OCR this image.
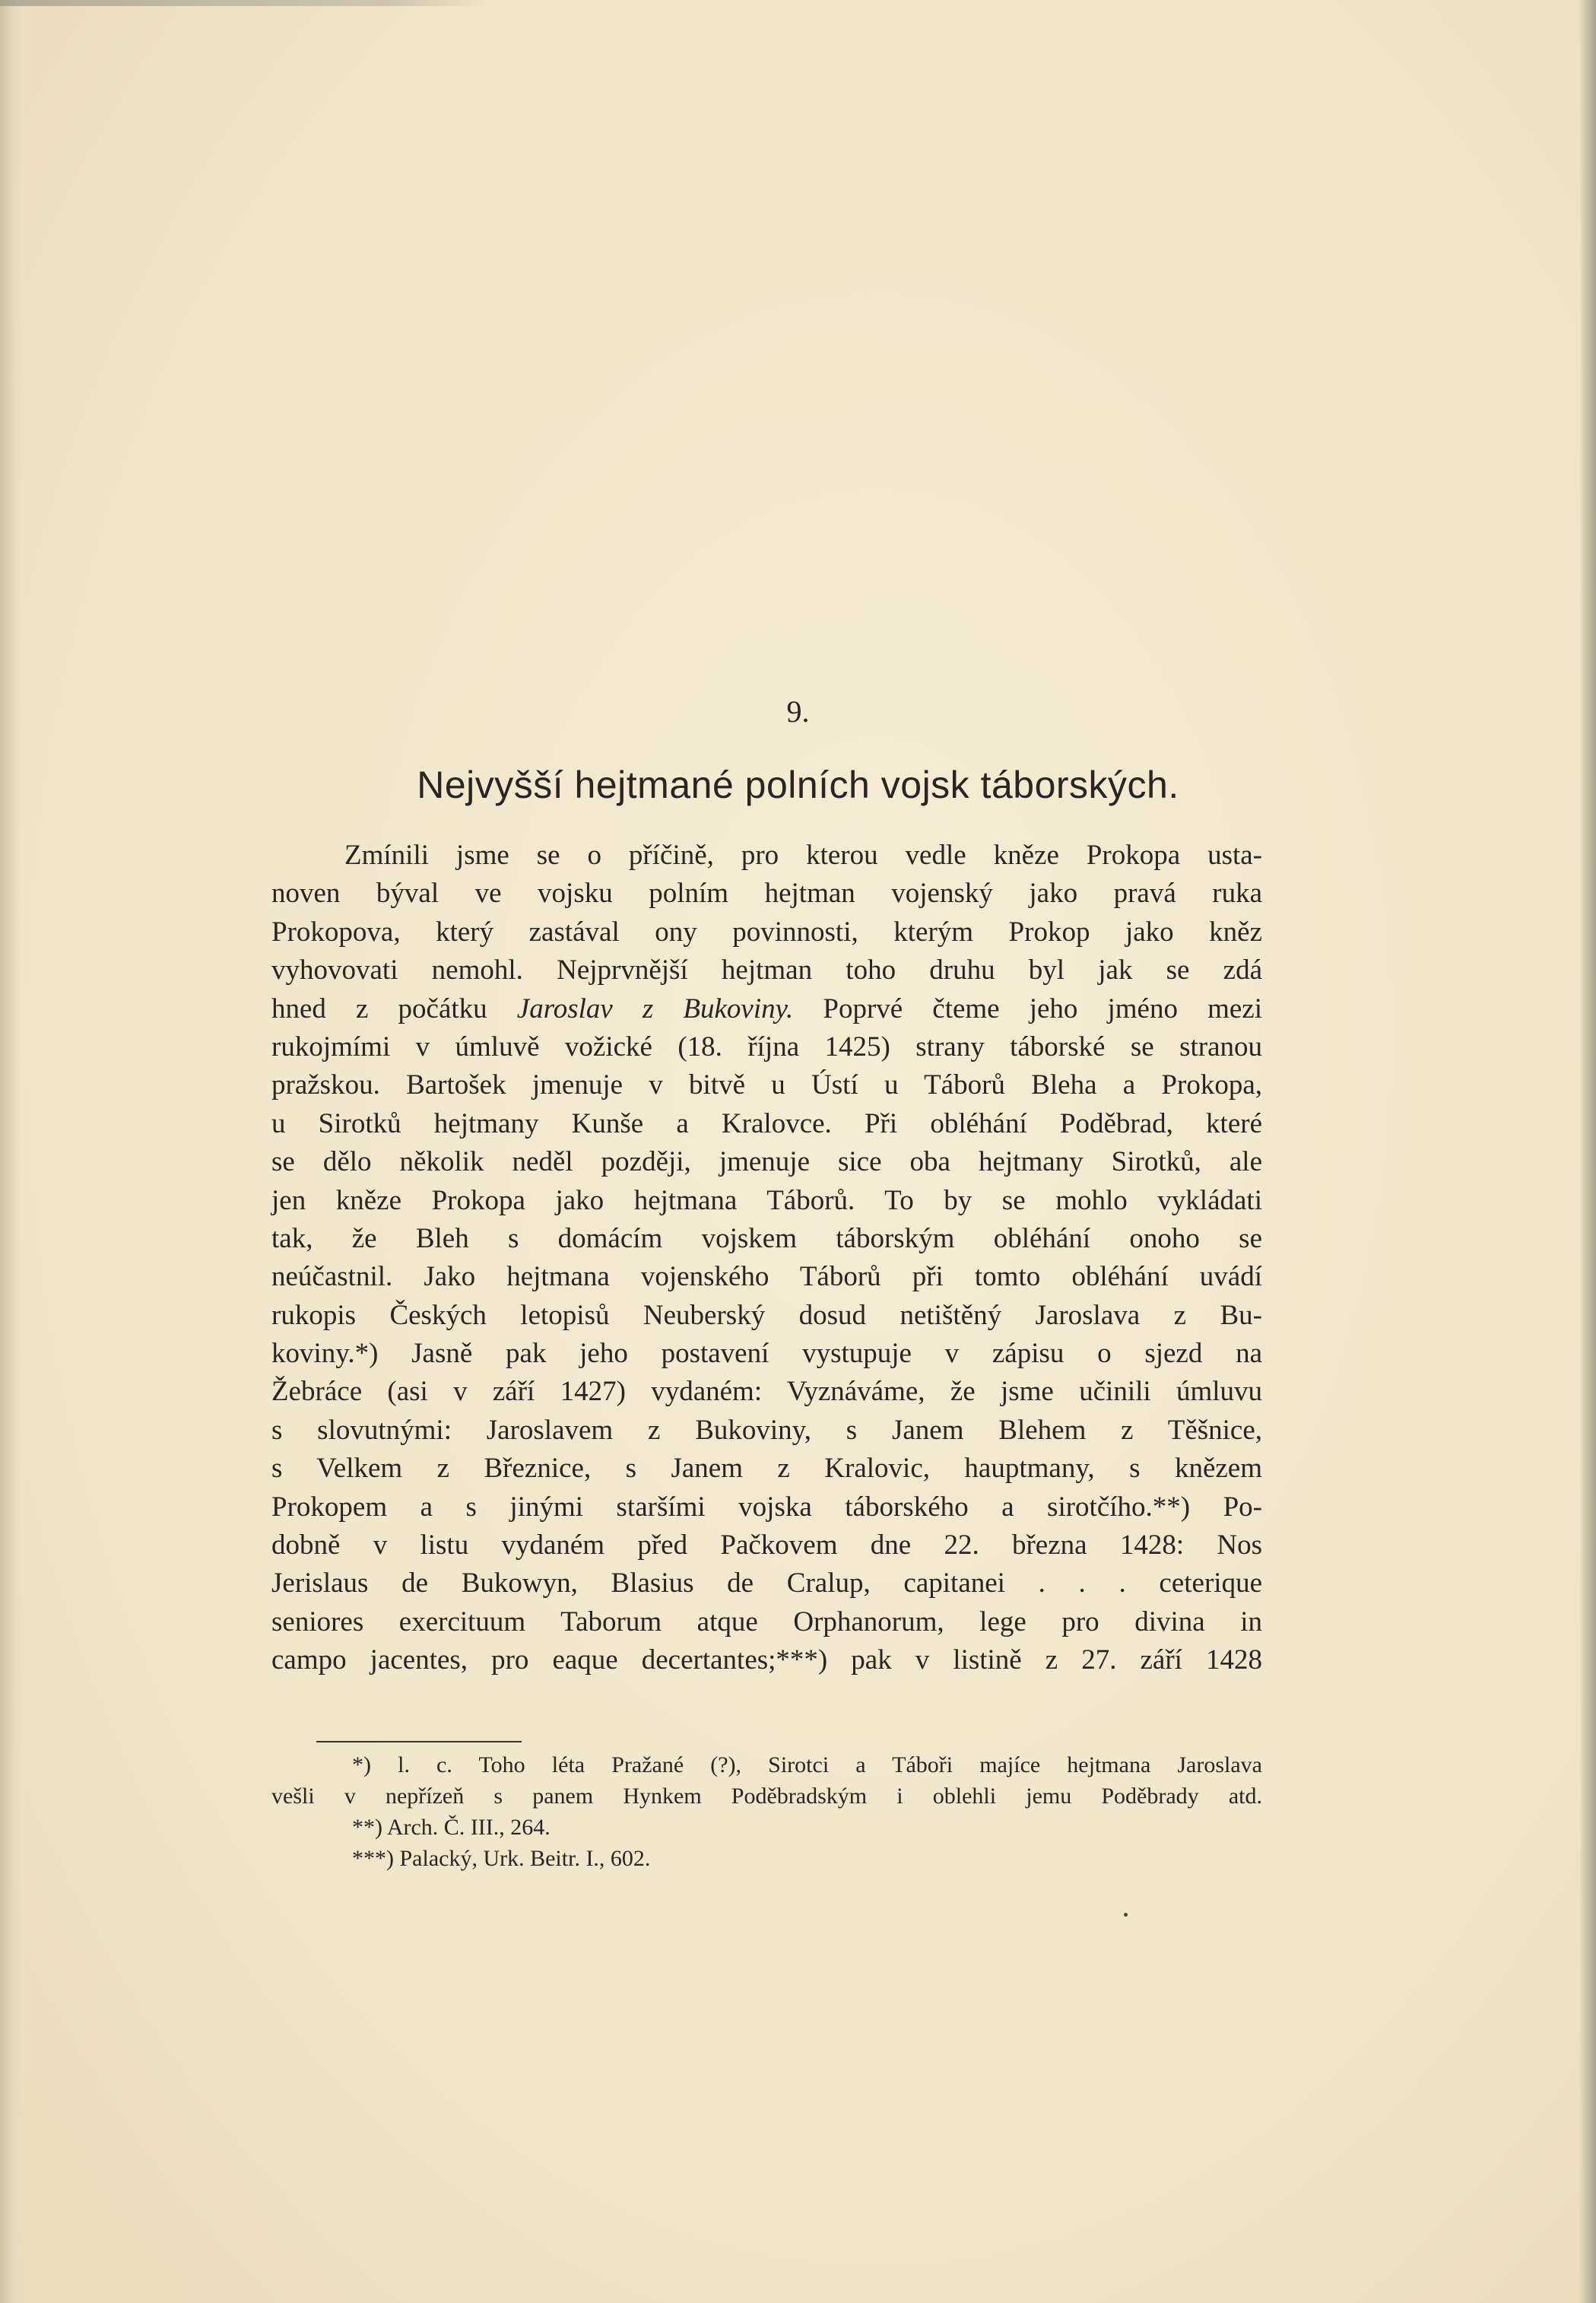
9.
Nejvyšší hejtmané polních vojsk táborských.
Zmínili jsme se o příčině, pro kterou vedle kněze Prokopa usta-
noven býval ve vojsku polním hejtman vojenský jako pravá ruka
Prokopova, který zastával ony povinnosti, kterým Prokop jako kněz
vyhovovati nemohl. Nejprvnější hejtman toho druhu byl jak se zdá
hned z počátku Jaroslav z Bukoviny. Poprvé čteme jeho jméno mezi
rukojmími v úmluvě vožické (18. října 1425) strany táborské se stranou
pražskou. Bartošek jmenuje v bitvě u Ústí u Táborů Bleha a Prokopa,
u Sirotků hejtmany Kunše a Kralovce. Při obléhání Poděbrad, které
se dělo několik neděl později, jmenuje sice oba hejtmany Sirotků, ale
jen kněze Prokopa jako hejtmana Táborů. To by se mohlo vykládati
tak, že Bleh s domácím vojskem táborským obléhání onoho se
neúčastnil. Jako hejtmana vojenského Táborů při tomto obléhání uvádí
rukopis Českých letopisů Neuberský dosud netištěný Jaroslava z Bu-
koviny.*) Jasně pak jeho postavení vystupuje v zápisu o sjezd na
Žebráce (asi v září 1427) vydaném: Vyznáváme, že jsme učinili úmluvu
s slovutnými: Jaroslavem z Bukoviny, s Janem Blehem z Těšnice,
s Velkem z Březnice, s Janem z Kralovic, hauptmany, s knězem
Prokopem a s jinými staršími vojska táborského a sirotčího.**) Po-
dobně v listu vydaném před Pačkovem dne 22. března 1428: Nos
Jerislaus de Bukowyn, Blasius de Cralup, capitanei . . . ceterique
seniores exercituum Taborum atque Orphanorum, lege pro divina in
campo jacentes, pro eaque decertantes;***) pak v listině z 27. září 1428
*) l. c. Toho léta Pražané (?), Sirotci a Táboři majíce hejtmana Jaroslava
vešli v nepřízeň s panem Hynkem Poděbradským i oblehli jemu Poděbrady atd.
**) Arch. Č. III., 264.
***) Palacký, Urk. Beitr. I., 602.
